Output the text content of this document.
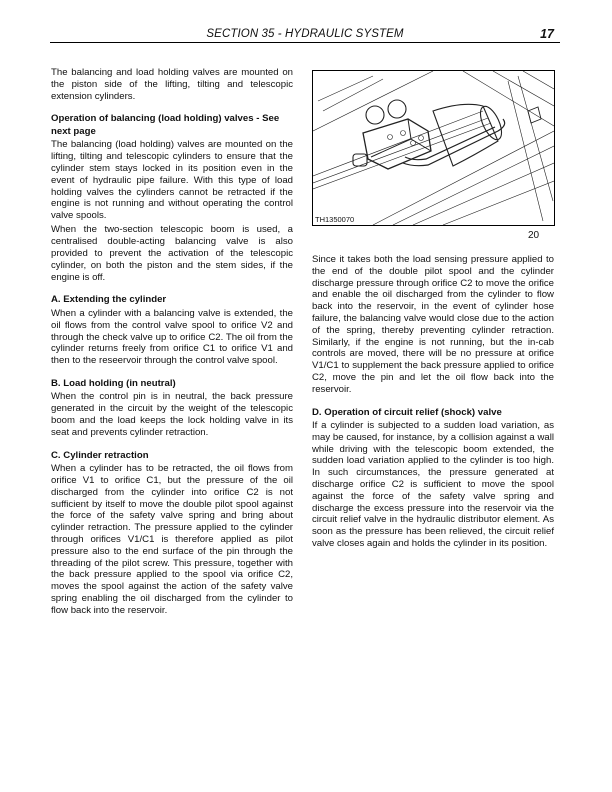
SECTION 35 - HYDRAULIC SYSTEM	17

The balancing and load holding valves are mounted on the piston side of the lifting, tilting and telescopic extension cylinders.

Operation of balancing (load holding) valves - See next page

The balancing (load holding) valves are mounted on the lifting, tilting and telescopic cylinders to ensure that the cylinder stem stays locked in its position even in the event of hydraulic pipe failure. With this type of load holding valves the cylinders cannot be retracted if the engine is not running and without operating the control valve spools.

When the two-section telescopic boom is used, a centralised double-acting balancing valve is also provided to prevent the activation of the telescopic cylinder, on both the piston and the stem sides, if the engine is off.

A. Extending the cylinder

When a cylinder with a balancing valve is extended, the oil flows from the control valve spool to orifice V2 and through the check valve up to orifice C2. The oil from the cylinder returns freely from orifice C1 to orifice V1 and then to the reseervoir through the control valve spool.

B. Load holding (in neutral)

When the control pin is in neutral, the back pressure generated in the circuit by the weight of the telescopic boom and the load keeps the lock holding valve in its seat and prevents cylinder retraction.

C. Cylinder retraction

When a cylinder has to be retracted, the oil flows from orifice V1 to orifice C1, but the pressure of the oil discharged from the cylinder into orifice C2 is not sufficient by itself to move the double pilot spool against the force of the safety valve spring and bring about cylinder retraction. The pressure applied to the cylinder through orifices V1/C1 is therefore applied as pilot pressure also to the end surface of the pin through the threading of the pilot screw. This pressure, together with the back pressure applied to the spool via orifice C2, moves the spool against the action of the safety valve spring enabling the oil discharged from the cylinder to flow back into the reservoir.

TH1350070
20

Since it takes both the load sensing pressure applied to the end of the double pilot spool and the cylinder discharge pressure through orifice C2 to move the orifice and enable the oil discharged from the cylinder to flow back into the reservoir, in the event of cylinder hose failure, the balancing valve would close due to the action of the spring, thereby preventing cylinder retraction. Similarly, if the engine is not running, but the in-cab controls are moved, there will be no pressure at orifice V1/C1 to supplement the back pressure applied to orifice C2, move the pin and let the oil flow back into the reservoir.

D. Operation of circuit relief (shock) valve

If a cylinder is subjected to a sudden load variation, as may be caused, for instance, by a collision against a wall while driving with the telescopic boom extended, the sudden load variation applied to the cylinder is too high. In such circumstances, the pressure generated at discharge orifice C2 is sufficient to move the spool against the force of the safety valve spring and discharge the excess pressure into the reservoir via the circuit relief valve in the hydraulic distributor element. As soon as the pressure has been relieved, the circuit relief valve closes again and holds the cylinder in its position.
